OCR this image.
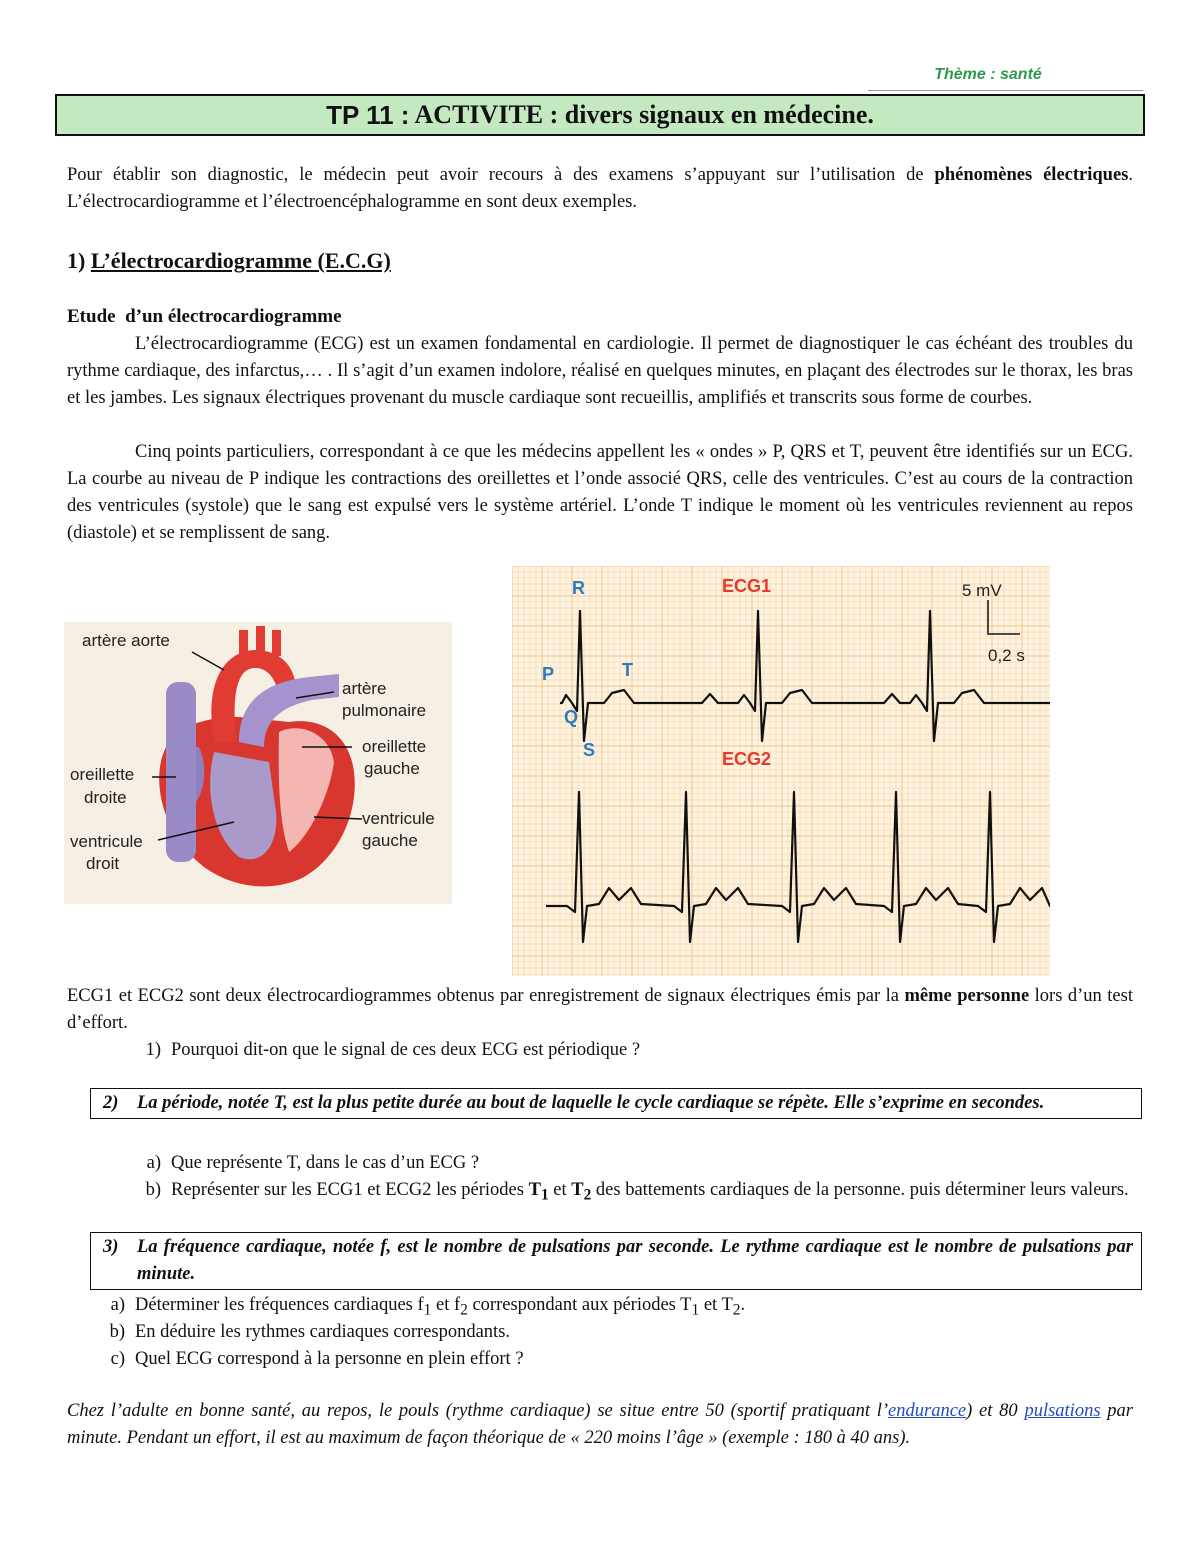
Thème : santé
TP 11 : ACTIVITE : divers signaux en médecine.
Pour établir son diagnostic, le médecin peut avoir recours à des examens s’appuyant sur l’utilisation de phénomènes électriques. L’électrocardiogramme et l’électroencéphalogramme en sont deux exemples.
1) L’électrocardiogramme (E.C.G)
Etude  d’un électrocardiogramme
L’électrocardiogramme (ECG) est un examen fondamental en cardiologie. Il permet de diagnostiquer le cas échéant des troubles du rythme cardiaque, des infarctus,… . Il s’agit d’un examen indolore, réalisé en quelques minutes, en plaçant des électrodes sur le thorax, les bras et les jambes. Les signaux électriques provenant du muscle cardiaque sont recueillis, amplifiés et transcrits sous forme de courbes.
Cinq points particuliers, correspondant à ce que les médecins appellent les « ondes » P, QRS et T, peuvent être identifiés sur un ECG. La courbe au niveau de P indique les contractions des oreillettes et l’onde associé QRS, celle des ventricules. C’est au cours de la contraction des ventricules (systole) que le sang est expulsé vers le système artériel. L’onde T indique le moment où les ventricules reviennent au repos (diastole) et se remplissent de sang.
artère aorte
artère
pulmonaire
oreillette
gauche
oreillette
droite
ventricule
gauche
ventricule
droit
ECG1
ECG2
R
P	T
Q
S
5 mV
0,2 s
ECG1 et ECG2 sont deux électrocardiogrammes obtenus par enregistrement de signaux électriques émis par la même personne lors d’un test d’effort.
1) Pourquoi dit-on que le signal de ces deux ECG est périodique ?
2)	La période, notée T, est la plus petite durée au bout de laquelle le cycle cardiaque se répète. Elle s’exprime en secondes.
a) Que représente T, dans le cas d’un ECG ?
b) Représenter sur les ECG1 et ECG2 les périodes $T_1$ et $T_2$ des battements cardiaques de la personne. puis déterminer leurs valeurs.
3)	La fréquence cardiaque, notée f, est le nombre de pulsations par seconde. Le rythme cardiaque est le nombre de pulsations par minute.
a) Déterminer les fréquences cardiaques $f_1$ et $f_2$ correspondant aux périodes $T_1$ et $T_2$.
b) En déduire les rythmes cardiaques correspondants.
c) Quel ECG correspond à la personne en plein effort ?
Chez l’adulte en bonne santé, au repos, le pouls (rythme cardiaque) se situe entre 50 (sportif pratiquant l’endurance) et 80 pulsations par minute. Pendant un effort, il est au maximum de façon théorique de « 220 moins l’âge » (exemple : 180 à 40 ans).
